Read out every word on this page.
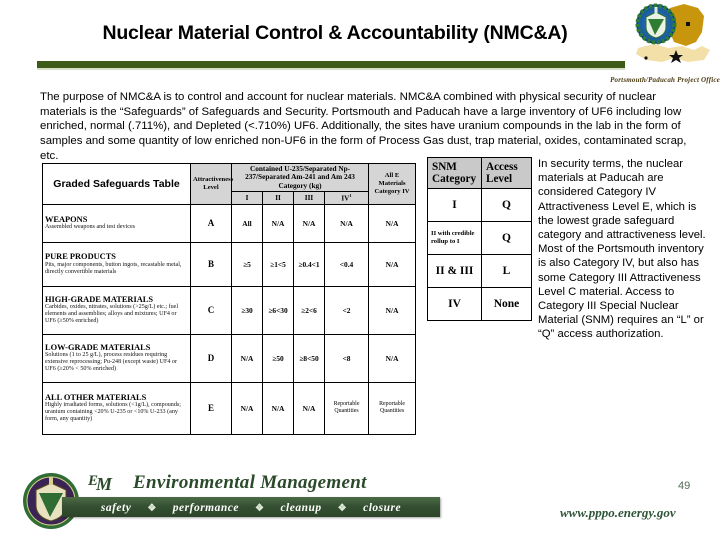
Nuclear Material Control & Accountability (NMC&A)
Portsmouth/Paducah Project Office
The purpose of NMC&A is to control and account for nuclear materials. NMC&A combined with physical security of nuclear materials is the “Safeguards” of Safeguards and Security. Portsmouth and Paducah have a large inventory of UF6 including low enriched, normal (.711%), and Depleted (<.710%) UF6. Additionally, the sites have uranium compounds in the lab in the form of samples and some quantity of low enriched non-UF6 in the form of Process Gas dust, trap material, oxides, contaminated scrap, etc.
Graded Safeguards Table	Attractiveness Level	Contained U-235/Separated Np-237/Separated Am-241 and Am 243 Category (kg)				All E Materials Category IV
		I	II	III	$IV^1$

WEAPONS
Assembled weapons and test devices	A	All	N/A	N/A	N/A	N/A

PURE PRODUCTS
Pits, major components, button ingots, recastable metal, directly convertible materials	B	≥5	≥1<5	≥0.4<1	<0.4	N/A

HIGH-GRADE MATERIALS
Carbides, oxides, nitrates, solutions (>25g/L) etc.; fuel elements and assemblies; alloys and mixtures; UF4 or UF6 (≥50% enriched)	C	≥30	≥6<30	≥2<6	<2	N/A

LOW-GRADE MATERIALS
Solutions (1 to 25 g/L), process residues requiring extensive reprocessing; Pu-248 (except waste) UF4 or UF6 (≥20% < 50% enriched)	D	N/A	≥50	≥8<50	<8	N/A

ALL OTHER MATERIALS
Highly irradiated forms, solutions (<1g/L), compounds; uranium containing <20% U-235 or <10% U-233 (any form, any quantity)	E	N/A	N/A	N/A	Reportable Quantities	Reportable Quantities
SNM Category	Access Level
I	Q
II with credible rollup to I	Q
II & III	L
IV	None
In security terms, the nuclear materials at Paducah are considered Category IV Attractiveness Level E, which is the lowest grade safeguard category and attractiveness level. Most of the Portsmouth inventory is also Category IV, but also has some Category III Attractiveness Level C material. Access to Category III Special Nuclear Material (SNM) requires an “L” or “Q” access authorization.
EM Environmental Management
safety ❖ performance ❖ cleanup ❖ closure	www.pppo.energy.gov
49
